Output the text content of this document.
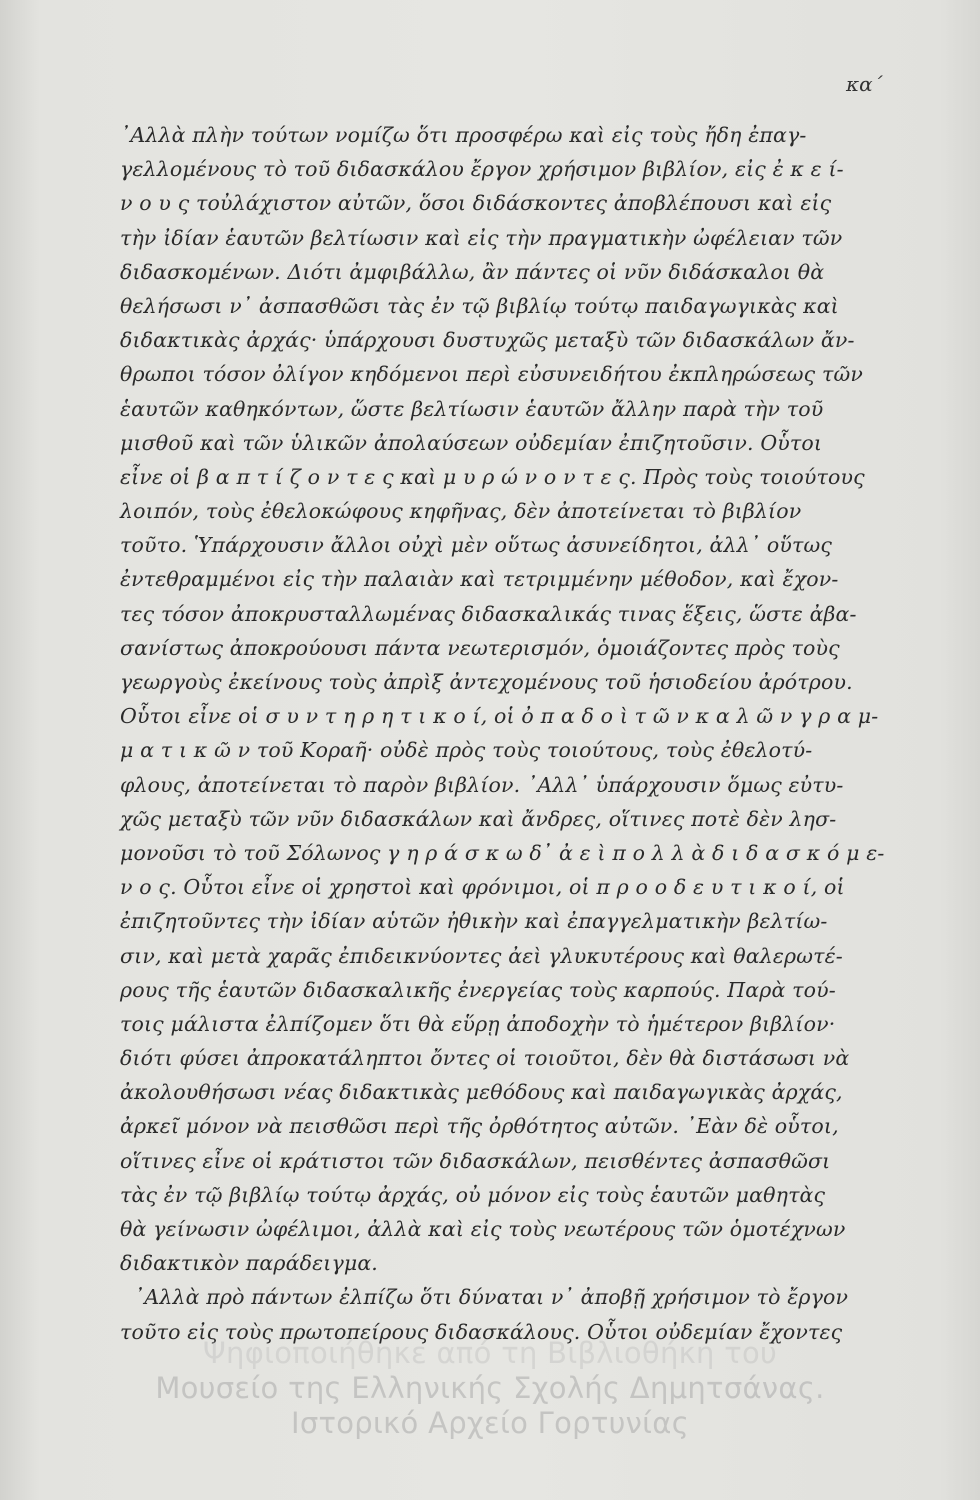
κα΄
᾽Αλλὰ πλὴν τούτων νομίζω ὅτι προσφέρω καὶ εἰς τοὺς ἤδη ἐπαγ-
γελλομένους τὸ τοῦ διδασκάλου ἔργον χρήσιμον βιβλίον, εἰς ἐ κ ε ί-
ν ο υ ς τοὐλάχιστον αὐτῶν, ὅσοι διδάσκοντες ἀποβλέπουσι καὶ εἰς
τὴν ἰδίαν ἑαυτῶν βελτίωσιν καὶ εἰς τὴν πραγματικὴν ὠφέλειαν τῶν
διδασκομένων. Διότι ἀμφιβάλλω, ἂν πάντες οἱ νῦν διδάσκαλοι θὰ
θελήσωσι ν᾽ ἀσπασθῶσι τὰς ἐν τῷ βιβλίῳ τούτῳ παιδαγωγικὰς καὶ
διδακτικὰς ἀρχάς· ὑπάρχουσι δυστυχῶς μεταξὺ τῶν διδασκάλων ἄν-
θρωποι τόσον ὀλίγον κηδόμενοι περὶ εὐσυνειδήτου ἐκπληρώσεως τῶν
ἑαυτῶν καθηκόντων, ὥστε βελτίωσιν ἑαυτῶν ἄλλην παρὰ τὴν τοῦ
μισθοῦ καὶ τῶν ὑλικῶν ἀπολαύσεων οὐδεμίαν ἐπιζητοῦσιν. Οὗτοι
εἶνε οἱ β α π τ ί ζ ο ν τ ε ς καὶ μ υ ρ ώ ν ο ν τ ε ς. Πρὸς τοὺς τοιούτους
λοιπόν, τοὺς ἐθελοκώφους κηφῆνας, δὲν ἀποτείνεται τὸ βιβλίον
τοῦτο. Ὑπάρχουσιν ἄλλοι οὐχὶ μὲν οὕτως ἀσυνείδητοι, ἀλλ᾽ οὕτως
ἐντεθραμμένοι εἰς τὴν παλαιὰν καὶ τετριμμένην μέθοδον, καὶ ἔχον-
τες τόσον ἀποκρυσταλλωμένας διδασκαλικάς τινας ἕξεις, ὥστε ἀβα-
σανίστως ἀποκρούουσι πάντα νεωτερισμόν, ὁμοιάζοντες πρὸς τοὺς
γεωργοὺς ἐκείνους τοὺς ἀπρὶξ ἀντεχομένους τοῦ ἡσιοδείου ἀρότρου.
Οὗτοι εἶνε οἱ σ υ ν τ η ρ η τ ι κ ο ί, οἱ ὀ π α δ ο ὶ τ ῶ ν κ α λ ῶ ν γ ρ α μ-
μ α τ ι κ ῶ ν τοῦ Κοραῆ· οὐδὲ πρὸς τοὺς τοιούτους, τοὺς ἐθελοτύ-
φλους, ἀποτείνεται τὸ παρὸν βιβλίον. ᾽Αλλ᾽ ὑπάρχουσιν ὅμως εὐτυ-
χῶς μεταξὺ τῶν νῦν διδασκάλων καὶ ἄνδρες, οἵτινες ποτὲ δὲν λησ-
μονοῦσι τὸ τοῦ Σόλωνος γ η ρ ά σ κ ω δ᾽ ἀ ε ὶ π ο λ λ ὰ δ ι δ α σ κ ό μ ε-
ν ο ς. Οὗτοι εἶνε οἱ χρηστοὶ καὶ φρόνιμοι, οἱ π ρ ο ο δ ε υ τ ι κ ο ί, οἱ
ἐπιζητοῦντες τὴν ἰδίαν αὑτῶν ἠθικὴν καὶ ἐπαγγελματικὴν βελτίω-
σιν, καὶ μετὰ χαρᾶς ἐπιδεικνύοντες ἀεὶ γλυκυτέρους καὶ θαλερωτέ-
ρους τῆς ἑαυτῶν διδασκαλικῆς ἐνεργείας τοὺς καρπούς. Παρὰ τού-
τοις μάλιστα ἐλπίζομεν ὅτι θὰ εὕρῃ ἀποδοχὴν τὸ ἡμέτερον βιβλίον·
διότι φύσει ἀπροκατάληπτοι ὄντες οἱ τοιοῦτοι, δὲν θὰ διστάσωσι νὰ
ἀκολουθήσωσι νέας διδακτικὰς μεθόδους καὶ παιδαγωγικὰς ἀρχάς,
ἀρκεῖ μόνον νὰ πεισθῶσι περὶ τῆς ὀρθότητος αὐτῶν. ᾽Εὰν δὲ οὗτοι,
οἵτινες εἶνε οἱ κράτιστοι τῶν διδασκάλων, πεισθέντες ἀσπασθῶσι
τὰς ἐν τῷ βιβλίῳ τούτῳ ἀρχάς, οὐ μόνον εἰς τοὺς ἑαυτῶν μαθητὰς
θὰ γείνωσιν ὠφέλιμοι, ἀλλὰ καὶ εἰς τοὺς νεωτέρους τῶν ὁμοτέχνων
διδακτικὸν παράδειγμα.
᾽Αλλὰ πρὸ πάντων ἐλπίζω ὅτι δύναται ν᾽ ἀποβῇ χρήσιμον τὸ ἔργον
τοῦτο εἰς τοὺς πρωτοπείρους διδασκάλους. Οὗτοι οὐδεμίαν ἔχοντες
Ψηφιοποιήθηκε από τη Βιβλιοθήκη του
Μουσείο της Ελληνικής Σχολής Δημητσάνας.
Ιστορικό Αρχείο Γορτυνίας
